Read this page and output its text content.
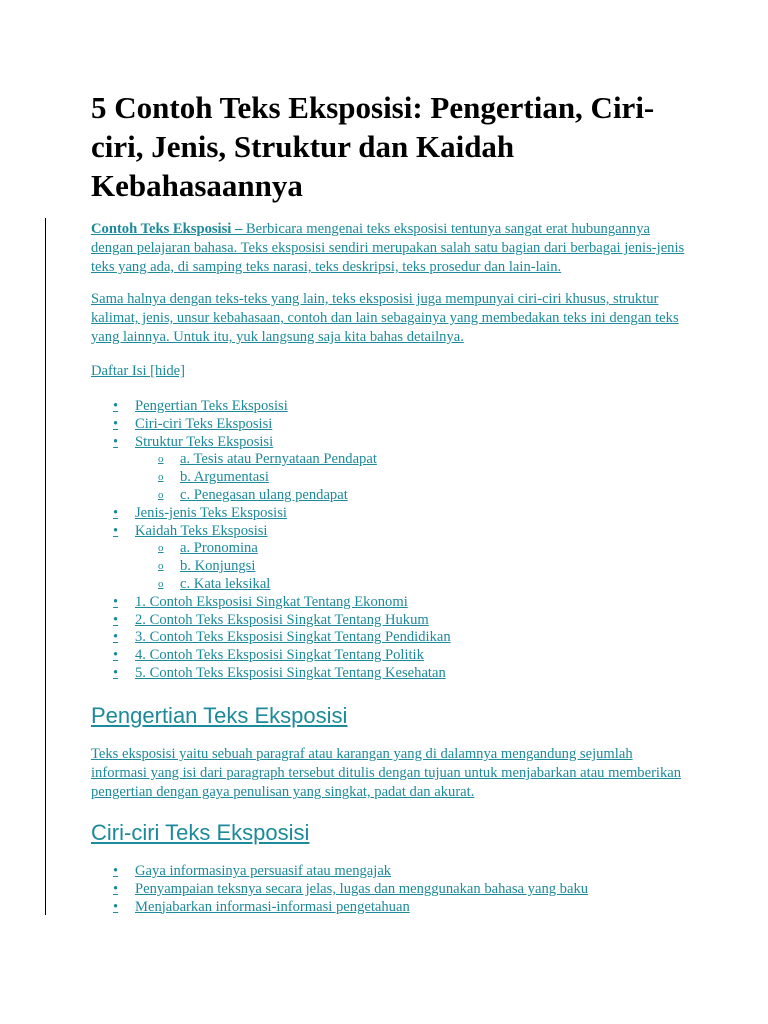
5 Contoh Teks Eksposisi: Pengertian, Ciri-ciri, Jenis, Struktur dan Kaidah Kebahasaannya

Contoh Teks Eksposisi – Berbicara mengenai teks eksposisi tentunya sangat erat hubungannya dengan pelajaran bahasa. Teks eksposisi sendiri merupakan salah satu bagian dari berbagai jenis-jenis teks yang ada, di samping teks narasi, teks deskripsi, teks prosedur dan lain-lain.

Sama halnya dengan teks-teks yang lain, teks eksposisi juga mempunyai ciri-ciri khusus, struktur kalimat, jenis, unsur kebahasaan, contoh dan lain sebagainya yang membedakan teks ini dengan teks yang lainnya. Untuk itu, yuk langsung saja kita bahas detailnya.

Daftar Isi [hide]

• Pengertian Teks Eksposisi
• Ciri-ciri Teks Eksposisi
• Struktur Teks Eksposisi
o a. Tesis atau Pernyataan Pendapat
o b. Argumentasi
o c. Penegasan ulang pendapat
• Jenis-jenis Teks Eksposisi
• Kaidah Teks Eksposisi
o a. Pronomina
o b. Konjungsi
o c. Kata leksikal
• 1. Contoh Eksposisi Singkat Tentang Ekonomi
• 2. Contoh Teks Eksposisi Singkat Tentang Hukum
• 3. Contoh Teks Eksposisi Singkat Tentang Pendidikan
• 4. Contoh Teks Eksposisi Singkat Tentang Politik
• 5. Contoh Teks Eksposisi Singkat Tentang Kesehatan
Pengertian Teks Eksposisi

Teks eksposisi yaitu sebuah paragraf atau karangan yang di dalamnya mengandung sejumlah informasi yang isi dari paragraph tersebut ditulis dengan tujuan untuk menjabarkan atau memberikan pengertian dengan gaya penulisan yang singkat, padat dan akurat.

Ciri-ciri Teks Eksposisi
• Gaya informasinya persuasif atau mengajak
• Penyampaian teksnya secara jelas, lugas dan menggunakan bahasa yang baku
• Menjabarkan informasi-informasi pengetahuan
